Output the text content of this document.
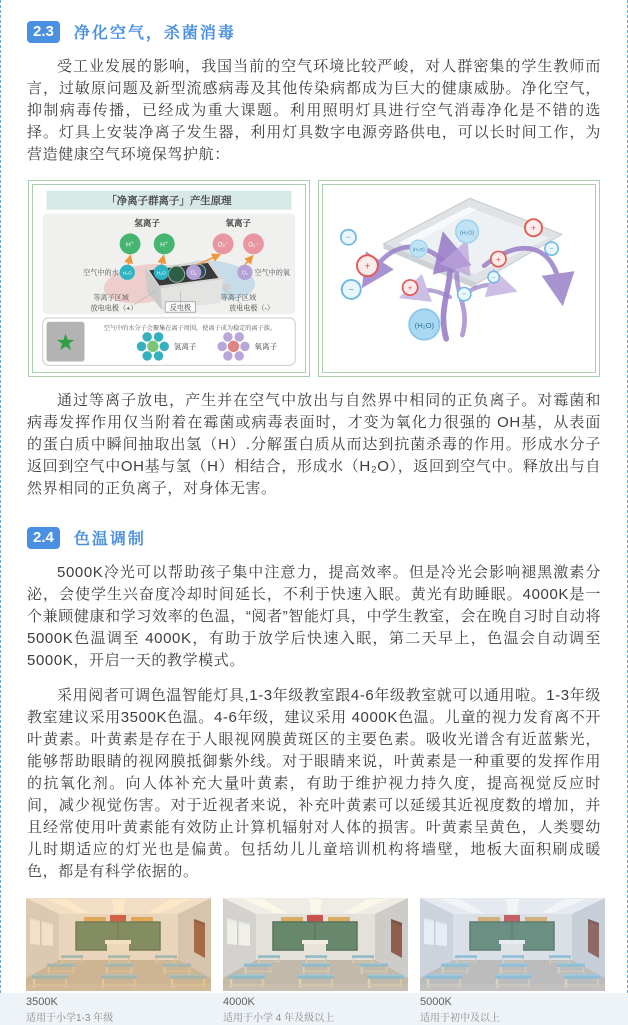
2.3	净化空气，杀菌消毒

受工业发展的影响，我国当前的空气环境比较严峻，对人群密集的学生教师而言，过敏原问题及新型流感病毒及其他传染病都成为巨大的健康威胁。净化空气，抑制病毒传播，已经成为重大课题。利用照明灯具进行空气消毒净化是不错的选择。灯具上安装净离子发生器，利用灯具数字电源旁路供电，可以长时间工作，为营造健康空气环境保驾护航：

「净离子群离子」产生原理
H⁺	H⁺	O₂⁻	O₂⁻
H₂O	H₂O	O₂	O₂
氢离子	氧离子
空气中的水	空气中的氧
等离子区域	等离子区域
放电电极（+）	反电极	放电电极（-）
★
空气中的水分子会聚集在离子周围，使离子成为稳定的离子族。
氢离子	氧离子
+
+
+
+
−
−
−
−
−
(H₂O)
(H₂O)
(H₂O)

通过等离子放电，产生并在空气中放出与自然界中相同的正负离子。对霉菌和病毒发挥作用仅当附着在霉菌或病毒表面时，才变为氧化力很强的 OH基，从表面的蛋白质中瞬间抽取出氢（H）.分解蛋白质从而达到抗菌杀毒的作用。形成水分子返回到空气中OH基与氢（H）相结合，形成水（H₂O），返回到空气中。释放出与自然界相同的正负离子，对身体无害。

2.4	色温调制

5000K冷光可以帮助孩子集中注意力，提高效率。但是冷光会影响褪黑激素分泌，会使学生兴奋度冷却时间延长，不利于快速入眠。黄光有助睡眠。4000K是一个兼顾健康和学习效率的色温，“阅者”智能灯具，中学生教室，会在晚自习时自动将 5000K色温调至 4000K，有助于放学后快速入眠，第二天早上，色温会自动调至 5000K，开启一天的教学模式。

采用阅者可调色温智能灯具,1-3年级教室跟4-6年级教室就可以通用啦。1-3年级教室建议采用3500K色温。4-6年级，建议采用 4000K色温。儿童的视力发育离不开叶黄素。叶黄素是存在于人眼视网膜黄斑区的主要色素。吸收光谱含有近蓝紫光，能够帮助眼睛的视网膜抵御紫外线。对于眼睛来说，叶黄素是一种重要的发挥作用的抗氧化剂。向人体补充大量叶黄素，有助于维护视力持久度，提高视觉反应时间，减少视觉伤害。对于近视者来说，补充叶黄素可以延缓其近视度数的增加，并且经常使用叶黄素能有效防止计算机辐射对人体的损害。叶黄素呈黄色，人类婴幼儿时期适应的灯光也是偏黄。包括幼儿儿童培训机构将墙壁，地板大面积刷成暖色，都是有科学依据的。

3500K
适用于小学1-3 年级
4000K
适用于小学 4 年及级以上
5000K
适用于初中及以上
